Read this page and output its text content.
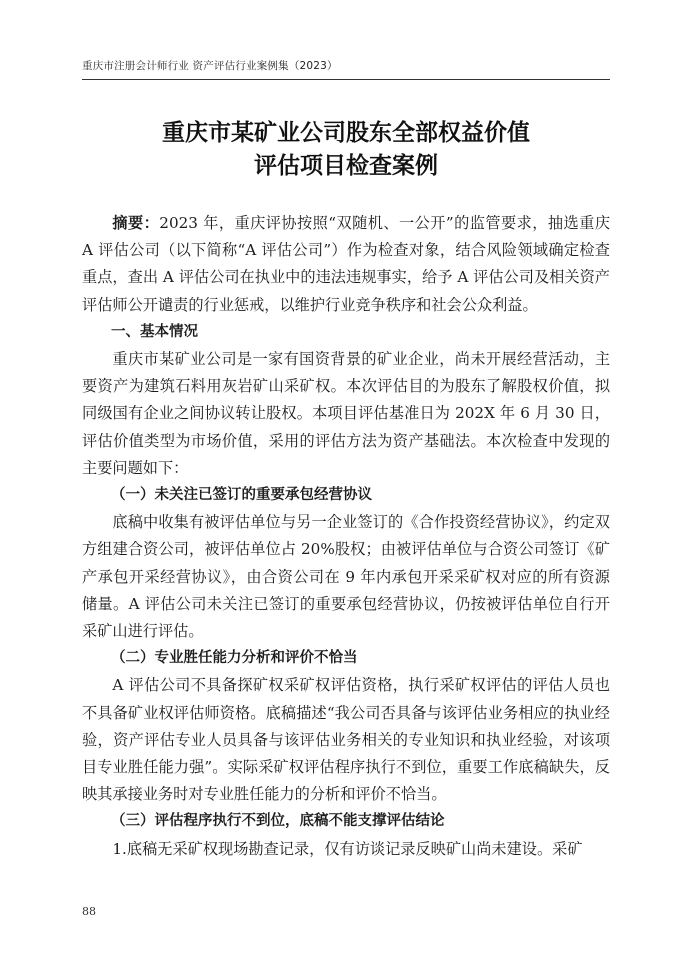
重庆市注册会计师行业 资产评估行业案例集（2023）
重庆市某矿业公司股东全部权益价值
评估项目检查案例

摘要：2023 年，重庆评协按照“双随机、一公开”的监管要求，抽选重庆 A 评估公司（以下简称“A 评估公司”）作为检查对象，结合风险领域确定检查重点，查出 A 评估公司在执业中的违法违规事实，给予 A 评估公司及相关资产评估师公开谴责的行业惩戒，以维护行业竞争秩序和社会公众利益。

一、基本情况

重庆市某矿业公司是一家有国资背景的矿业企业，尚未开展经营活动，主要资产为建筑石料用灰岩矿山采矿权。本次评估目的为股东了解股权价值，拟同级国有企业之间协议转让股权。本项目评估基准日为 202X 年 6 月 30 日，评估价值类型为市场价值，采用的评估方法为资产基础法。本次检查中发现的主要问题如下：

（一）未关注已签订的重要承包经营协议

底稿中收集有被评估单位与另一企业签订的《合作投资经营协议》，约定双方组建合资公司，被评估单位占 20%股权；由被评估单位与合资公司签订《矿产承包开采经营协议》，由合资公司在 9 年内承包开采采矿权对应的所有资源储量。A 评估公司未关注已签订的重要承包经营协议，仍按被评估单位自行开采矿山进行评估。

（二）专业胜任能力分析和评价不恰当

A 评估公司不具备探矿权采矿权评估资格，执行采矿权评估的评估人员也不具备矿业权评估师资格。底稿描述“我公司否具备与该评估业务相应的执业经验，资产评估专业人员具备与该评估业务相关的专业知识和执业经验，对该项目专业胜任能力强”。实际采矿权评估程序执行不到位，重要工作底稿缺失，反映其承接业务时对专业胜任能力的分析和评价不恰当。

（三）评估程序执行不到位，底稿不能支撑评估结论

1.底稿无采矿权现场勘查记录，仅有访谈记录反映矿山尚未建设。采矿

88
